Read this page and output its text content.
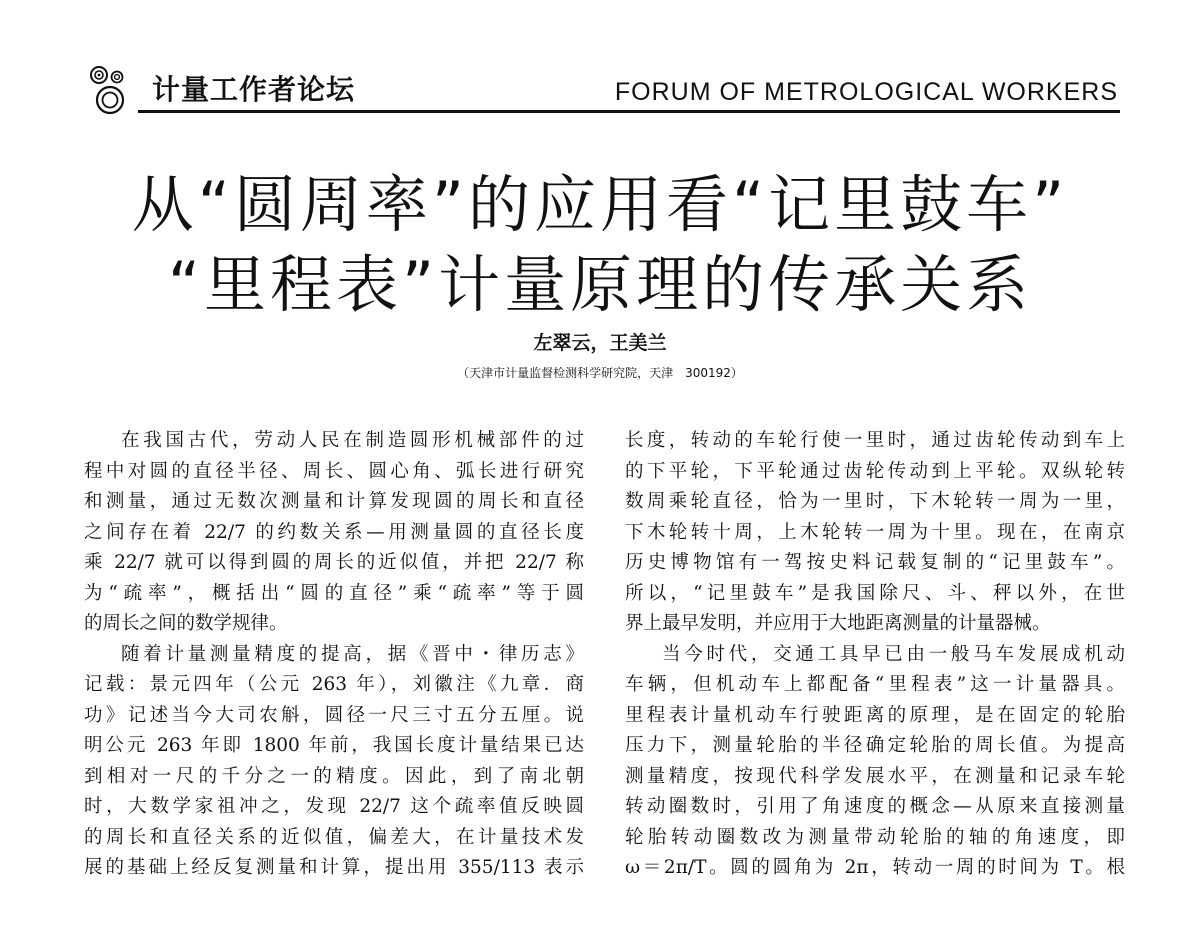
计量工作者论坛	FORUM OF METROLOGICAL WORKERS
从“圆周率”的应用看“记里鼓车”
“里程表”计量原理的传承关系
左翠云，王美兰
（天津市计量监督检测科学研究院，天津　300192）

在我国古代，劳动人民在制造圆形机械部件的过

程中对圆的直径半径、周长、圆心角、弧长进行研究

和测量，通过无数次测量和计算发现圆的周长和直径

之间存在着 22/7 的约数关系—用测量圆的直径长度

乘 22/7 就可以得到圆的周长的近似值，并把 22/7 称

为“疏率”，概括出“圆的直径”乘“疏率”等于圆

的周长之间的数学规律。

随着计量测量精度的提高，据《晋中・律历志》

记载：景元四年（公元 263 年），刘徽注《九章．商

功》记述当今大司农斛，圆径一尺三寸五分五厘。说

明公元 263 年即 1800 年前，我国长度计量结果已达

到相对一尺的千分之一的精度。因此，到了南北朝

时，大数学家祖冲之，发现 22/7 这个疏率值反映圆

的周长和直径关系的近似值，偏差大，在计量技术发

展的基础上经反复测量和计算，提出用 355/113 表示

长度，转动的车轮行使一里时，通过齿轮传动到车上

的下平轮，下平轮通过齿轮传动到上平轮。双纵轮转

数周乘轮直径，恰为一里时，下木轮转一周为一里，

下木轮转十周，上木轮转一周为十里。现在，在南京

历史博物馆有一驾按史料记载复制的“记里鼓车”。

所以，“记里鼓车”是我国除尺、斗、秤以外，在世

界上最早发明，并应用于大地距离测量的计量器械。

当今时代，交通工具早已由一般马车发展成机动

车辆，但机动车上都配备“里程表”这一计量器具。

里程表计量机动车行驶距离的原理，是在固定的轮胎

压力下，测量轮胎的半径确定轮胎的周长值。为提高

测量精度，按现代科学发展水平，在测量和记录车轮

转动圈数时，引用了角速度的概念—从原来直接测量

轮胎转动圈数改为测量带动轮胎的轴的角速度，即

ω＝2π/T。圆的圆角为 2π，转动一周的时间为 T。根
